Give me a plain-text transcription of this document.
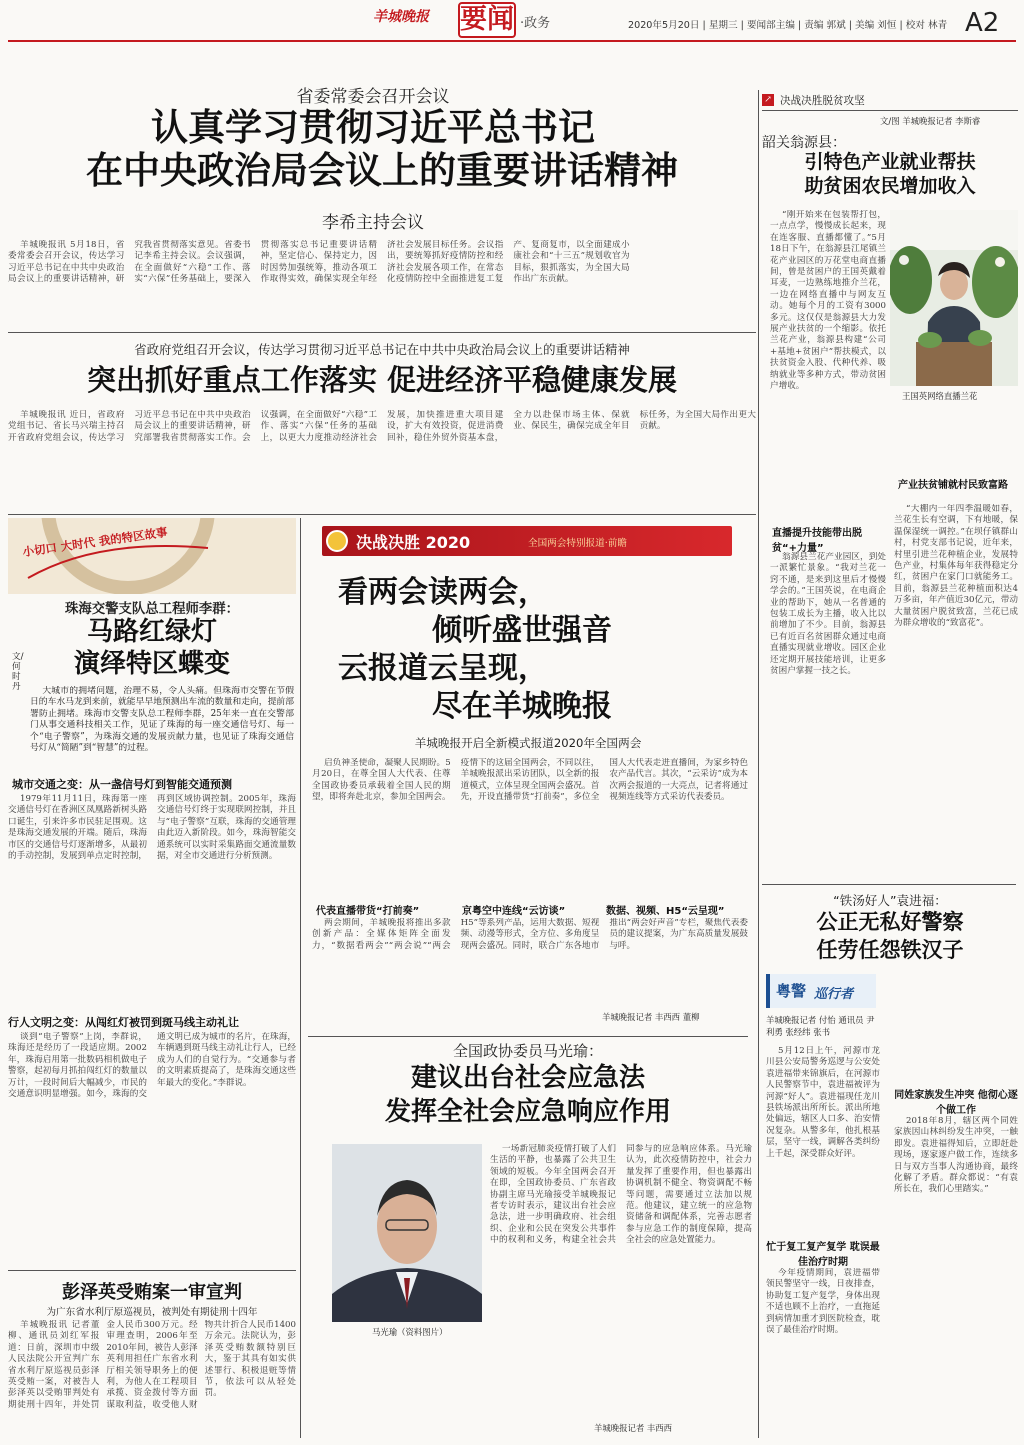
羊城晚报 要闻 ·政务	2020年5月20日 | 星期三 | 要闻部主编 | 责编 郭斌 | 美编 刘恒 | 校对 林青 A2
省委常委会召开会议
认真学习贯彻习近平总书记
在中央政治局会议上的重要讲话精神
李希主持会议

羊城晚报讯 5月18日，省委常委会召开会议，传达学习习近平总书记在中共中央政治局会议上的重要讲话精神，研究我省贯彻落实意见。省委书记李希主持会议。会议强调，在全面做好“六稳”工作、落实“六保”任务基础上，要深入贯彻落实总书记重要讲话精神，坚定信心、保持定力，因时因势加强统筹，推动各项工作取得实效，确保实现全年经济社会发展目标任务。会议指出，要统筹抓好疫情防控和经济社会发展各项工作，在常态化疫情防控中全面推进复工复产、复商复市，以全面建成小康社会和“十三五”规划收官为目标，狠抓落实，为全国大局作出广东贡献。

省政府党组召开会议，传达学习贯彻习近平总书记在中共中央政治局会议上的重要讲话精神
突出抓好重点工作落实 促进经济平稳健康发展

羊城晚报讯 近日，省政府党组书记、省长马兴瑞主持召开省政府党组会议，传达学习习近平总书记在中共中央政治局会议上的重要讲话精神，研究部署我省贯彻落实工作。会议强调，在全面做好“六稳”工作、落实“六保”任务的基础上，以更大力度推动经济社会发展，加快推进重大项目建设，扩大有效投资，促进消费回补，稳住外贸外资基本盘，全力以赴保市场主体、保就业、保民生，确保完成全年目标任务，为全国大局作出更大贡献。

小切口 大时代 我的特区故事
珠海交警支队总工程师李群：
马路红绿灯
演绎特区蝶变
文/何时丹	大城市的拥堵问题，治理不易，令人头痛。但珠海市交警在节假日的车水马龙到来前，就能早早地预测出车流的数量和走向，提前部署防止拥堵。珠海市交警支队总工程师李群，25年来一直在交警部门从事交通科技相关工作，见证了珠海的每一座交通信号灯、每一个“电子警察”，为珠海交通的发展贡献力量，也见证了珠海交通信号灯从“简陋”到“智慧”的过程。

城市交通之变：从一盏信号灯到智能交通预测

1979年11月11日，珠海第一座交通信号灯在香洲区凤凰路新树头路口诞生，引来许多市民驻足围观。这是珠海交通发展的开端。随后，珠海市区的交通信号灯逐渐增多，从最初的手动控制，发展到单点定时控制，再到区域协调控制。2005年，珠海交通信号灯终于实现联网控制，并且与“电子警察”互联，珠海的交通管理由此迈入新阶段。如今，珠海智能交通系统可以实时采集路面交通流量数据，对全市交通进行分析预测。

行人文明之变：从闯红灯被罚到斑马线主动礼让

谈到“电子警察”上岗，李群说，珠海还是经历了一段适应期。2002年，珠海启用第一批数码相机做电子警察，起初每月抓拍闯红灯的数量以万计，一段时间后大幅减少，市民的交通意识明显增强。如今，珠海的交通文明已成为城市的名片，在珠海，车辆遇到斑马线主动礼让行人，已经成为人们的自觉行为。“交通参与者的文明素质提高了，是珠海交通这些年最大的变化。”李群说。

彭泽英受贿案一审宣判
为广东省水利厅原巡视员，被判处有期徒刑十四年

羊城晚报讯 记者董柳、通讯员刘红军报道：日前，深圳市中级人民法院公开宣判广东省水利厅原巡视员彭泽英受贿一案，对被告人彭泽英以受贿罪判处有期徒刑十四年，并处罚金人民币300万元。经审理查明，2006年至2010年间，被告人彭泽英利用担任广东省水利厅相关领导职务上的便利，为他人在工程项目承揽、资金拨付等方面谋取利益，收受他人财物共计折合人民币1400万余元。法院认为，彭泽英受贿数额特别巨大，鉴于其具有如实供述罪行、积极退赃等情节，依法可以从轻处罚。

决战决胜 2020	全国两会特别报道·前瞻
看两会读两会，
倾听盛世强音
云报道云呈现，
尽在羊城晚报
羊城晚报开启全新模式报道2020年全国两会

启负神圣使命，凝聚人民期盼。5月20日，在尊全国人大代表、住尊全国政协委员承载着全国人民的期望，即将奔赴北京，参加全国两会。疫情下的这届全国两会，不同以往，羊城晚报派出采访团队，以全新的报道模式，立体呈现全国两会盛况。首先，开设直播带货“打前奏”，多位全国人大代表走进直播间，为家乡特色农产品代言。其次，“云采访”成为本次两会报道的一大亮点，记者将通过视频连线等方式采访代表委员。

代表直播带货“打前奏”	京粤空中连线“云访谈”	数据、视频、H5“云呈现”

两会期间，羊城晚报将推出多款创新产品：全媒体矩阵全面发力，“数据看两会”“两会说”“两会H5”等系列产品，运用大数据、短视频、动漫等形式，全方位、多角度呈现两会盛况。同时，联合广东各地市推出“两会好声音”专栏，聚焦代表委员的建议提案，为广东高质量发展鼓与呼。

羊城晚报记者 丰西西 董柳
全国政协委员马光瑜：
建议出台社会应急法
发挥全社会应急响应作用
马光瑜（资料图片）

一场新冠肺炎疫情打破了人们生活的平静，也暴露了公共卫生领域的短板。今年全国两会召开在即，全国政协委员、广东省政协副主席马光瑜接受羊城晚报记者专访时表示，建议出台社会应急法，进一步明确政府、社会组织、企业和公民在突发公共事件中的权利和义务，构建全社会共同参与的应急响应体系。马光瑜认为，此次疫情防控中，社会力量发挥了重要作用，但也暴露出协调机制不健全、物资调配不畅等问题，需要通过立法加以规范。他建议，建立统一的应急物资储备和调配体系，完善志愿者参与应急工作的制度保障，提高全社会的应急处置能力。

羊城晚报记者 丰西西
↗ 决战决胜脱贫攻坚
文/图 羊城晚报记者 李斯睿
韶关翁源县：
引特色产业就业帮扶
助贫困农民增加收入

“刚开始来在包装帮打包，一点点学，慢慢成长起来，现在连客服、直播都懂了。”5月18日下午，在翁源县江尾镇兰花产业园区的万花堂电商直播间，曾是贫困户的王国英戴着耳麦，一边熟练地推介兰花，一边在网络直播中与网友互动。她每个月的工资有3000多元。这仅仅是翁源县大力发展产业扶贫的一个缩影。依托兰花产业，翁源县构建“公司+基地+贫困户”帮扶模式，以扶贫资金入股、代种代养、吸纳就业等多种方式，带动贫困户增收。

王国英网络直播兰花
产业扶贫铺就村民致富路
直播提升技能带出脱贫“+力量”

翁源县兰花产业园区，到处一派繁忙景象。“我对兰花一窍不通，是来到这里后才慢慢学会的。”王国英说，在电商企业的帮助下，她从一名普通的包装工成长为主播，收入比以前增加了不少。目前，翁源县已有近百名贫困群众通过电商直播实现就业增收。园区企业还定期开展技能培训，让更多贫困户掌握一技之长。

“大棚内一年四季温暖如春，兰花生长有空调，下有地暖，保温保湿统一调控。”在坝仔镇群山村，村党支部书记说，近年来，村里引进兰花种植企业，发展特色产业，村集体每年获得稳定分红，贫困户在家门口就能务工。目前，翁源县兰花种植面积达4万多亩，年产值近30亿元，带动大量贫困户脱贫致富，兰花已成为群众增收的“致富花”。

“铁汤好人”袁进福：
公正无私好警察
任劳任怨铁汉子
粤警 巡行者
羊城晚报记者 付怡 通讯员 尹利勇 张经纬 张书

5月12日上午，河源市龙川县公安局警务巡逻与公安处袁进福带来锦旗后，在河源市人民警察节中，袁进福被评为河源“好人”。袁进福现任龙川县铁场派出所所长。派出所地处偏远，辖区人口多、治安情况复杂。从警多年，他扎根基层，坚守一线，调解各类纠纷上千起，深受群众好评。

忙于复工复产复学 耽误最佳治疗时期

今年疫情期间，袁进福带领民警坚守一线，日夜排查，协助复工复产复学，身体出现不适也顾不上治疗，一直拖延到病情加重才到医院检查，耽误了最佳治疗时期。

同姓家族发生冲突 他彻心逐个做工作

2018年8月，辖区两个同姓家族因山林纠纷发生冲突，一触即发。袁进福得知后，立即赶赴现场，逐家逐户做工作，连续多日与双方当事人沟通协商，最终化解了矛盾。群众都说：“有袁所长在，我们心里踏实。”
